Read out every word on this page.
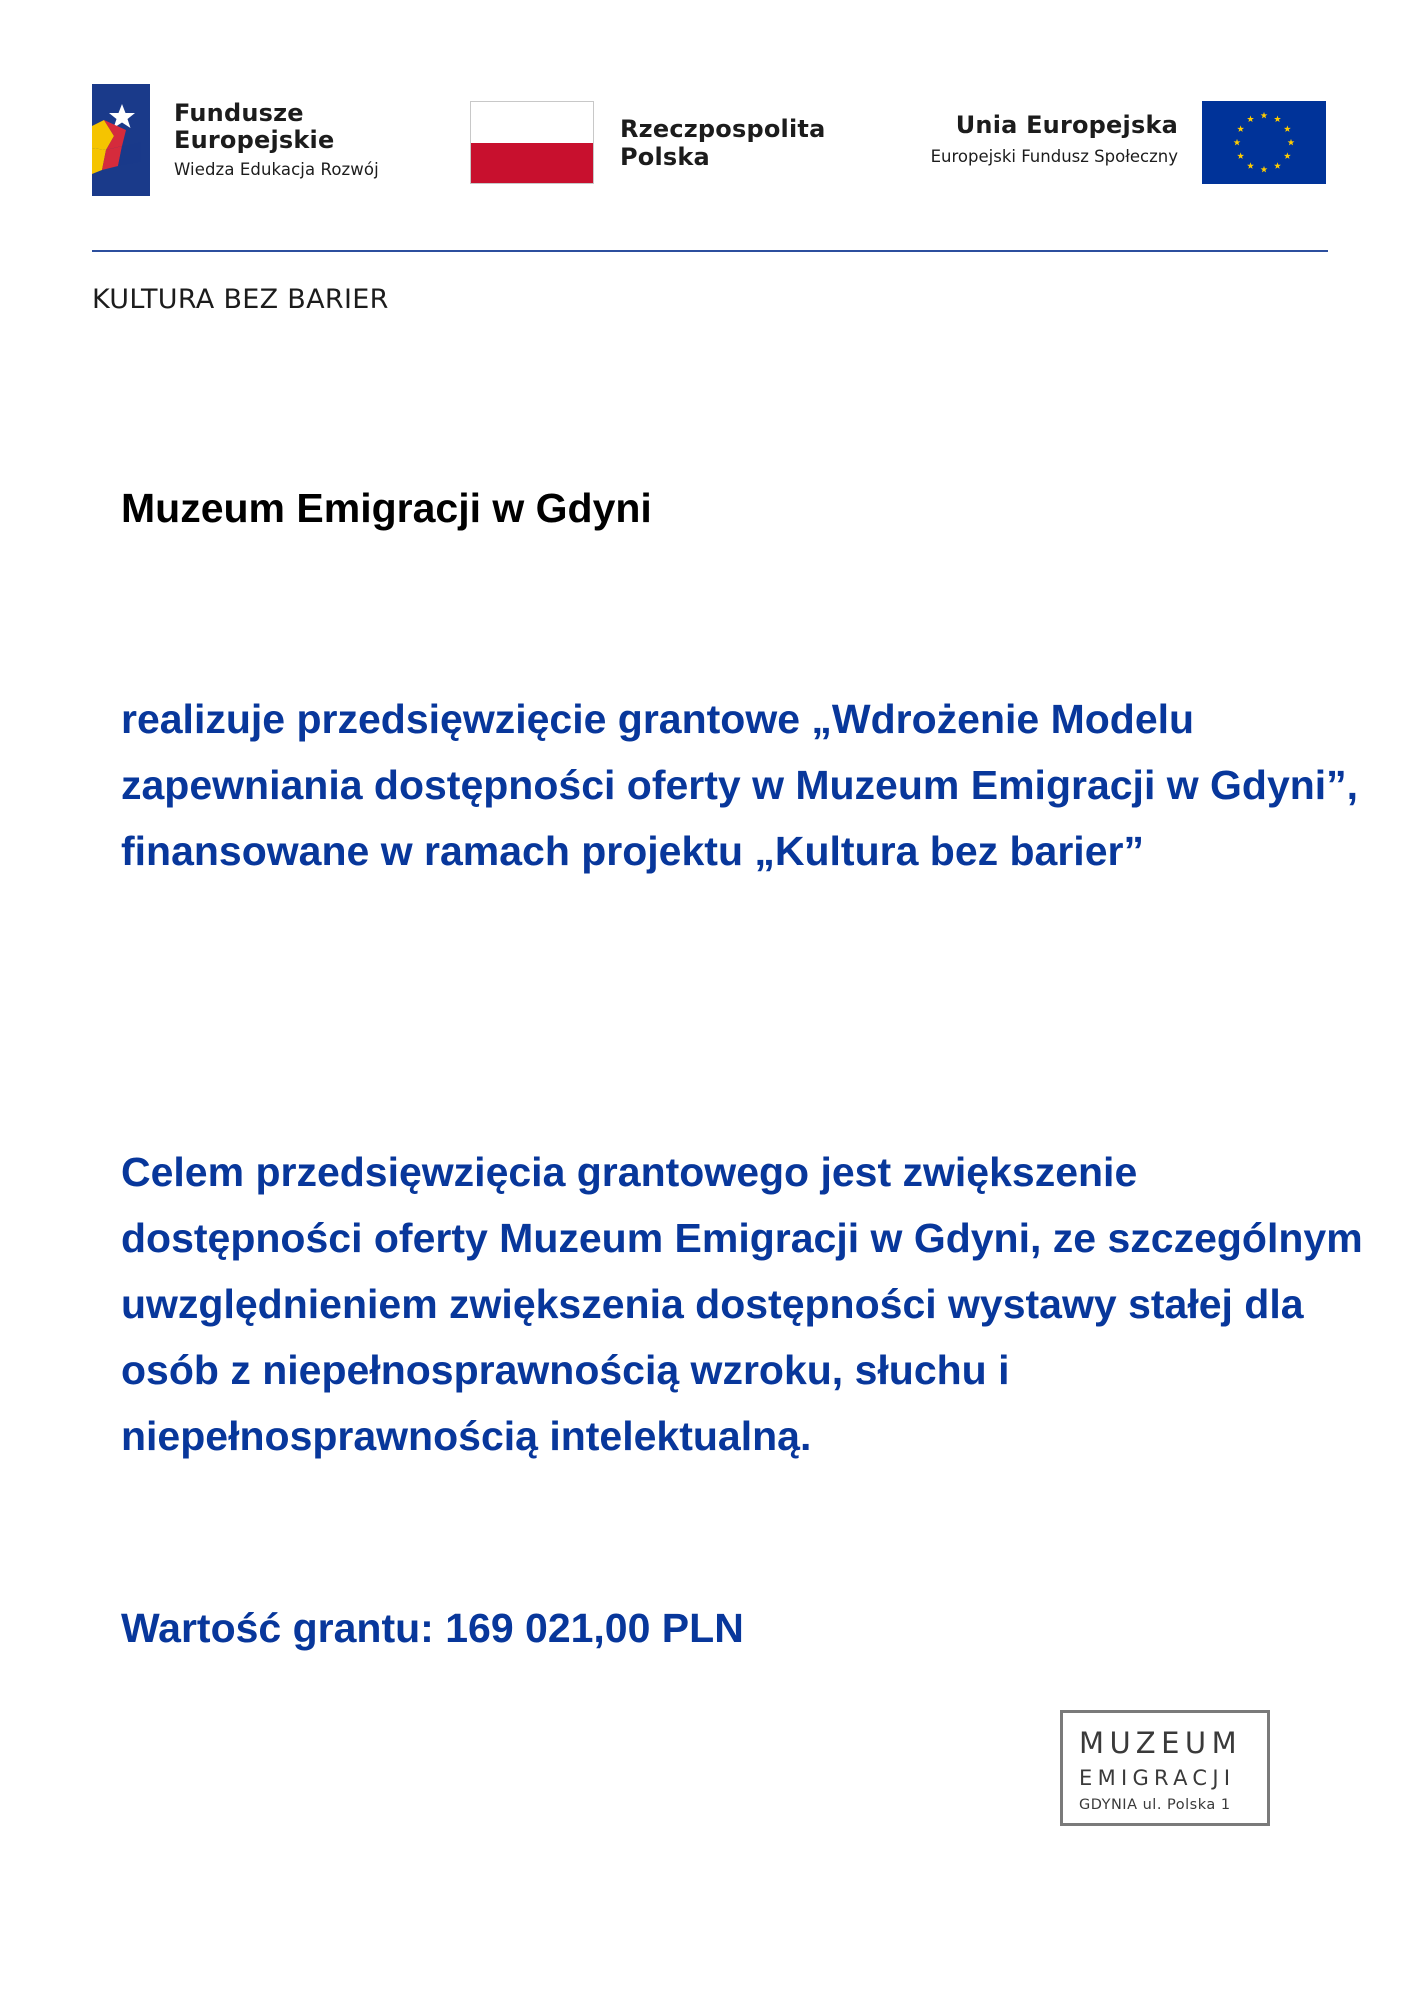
Fundusze
Europejskie
Wiedza Edukacja Rozwój
Rzeczpospolita
Polska
Unia Europejska
Europejski Fundusz Społeczny
KULTURA BEZ BARIER
Muzeum Emigracji w Gdyni

realizuje przedsięwzięcie grantowe „Wdrożenie Modelu zapewniania dostępności oferty w Muzeum Emigracji w Gdyni”, finansowane w ramach projektu „Kultura bez barier”

Celem przedsięwzięcia grantowego jest zwiększenie dostępności oferty Muzeum Emigracji w Gdyni, ze szczególnym uwzględnieniem zwiększenia dostępności wystawy stałej dla osób z niepełnosprawnością wzroku, słuchu i niepełnosprawnością intelektualną.

Wartość grantu: 169 021,00 PLN

MUZEUM
EMIGRACJI
GDYNIA ul. Polska 1
